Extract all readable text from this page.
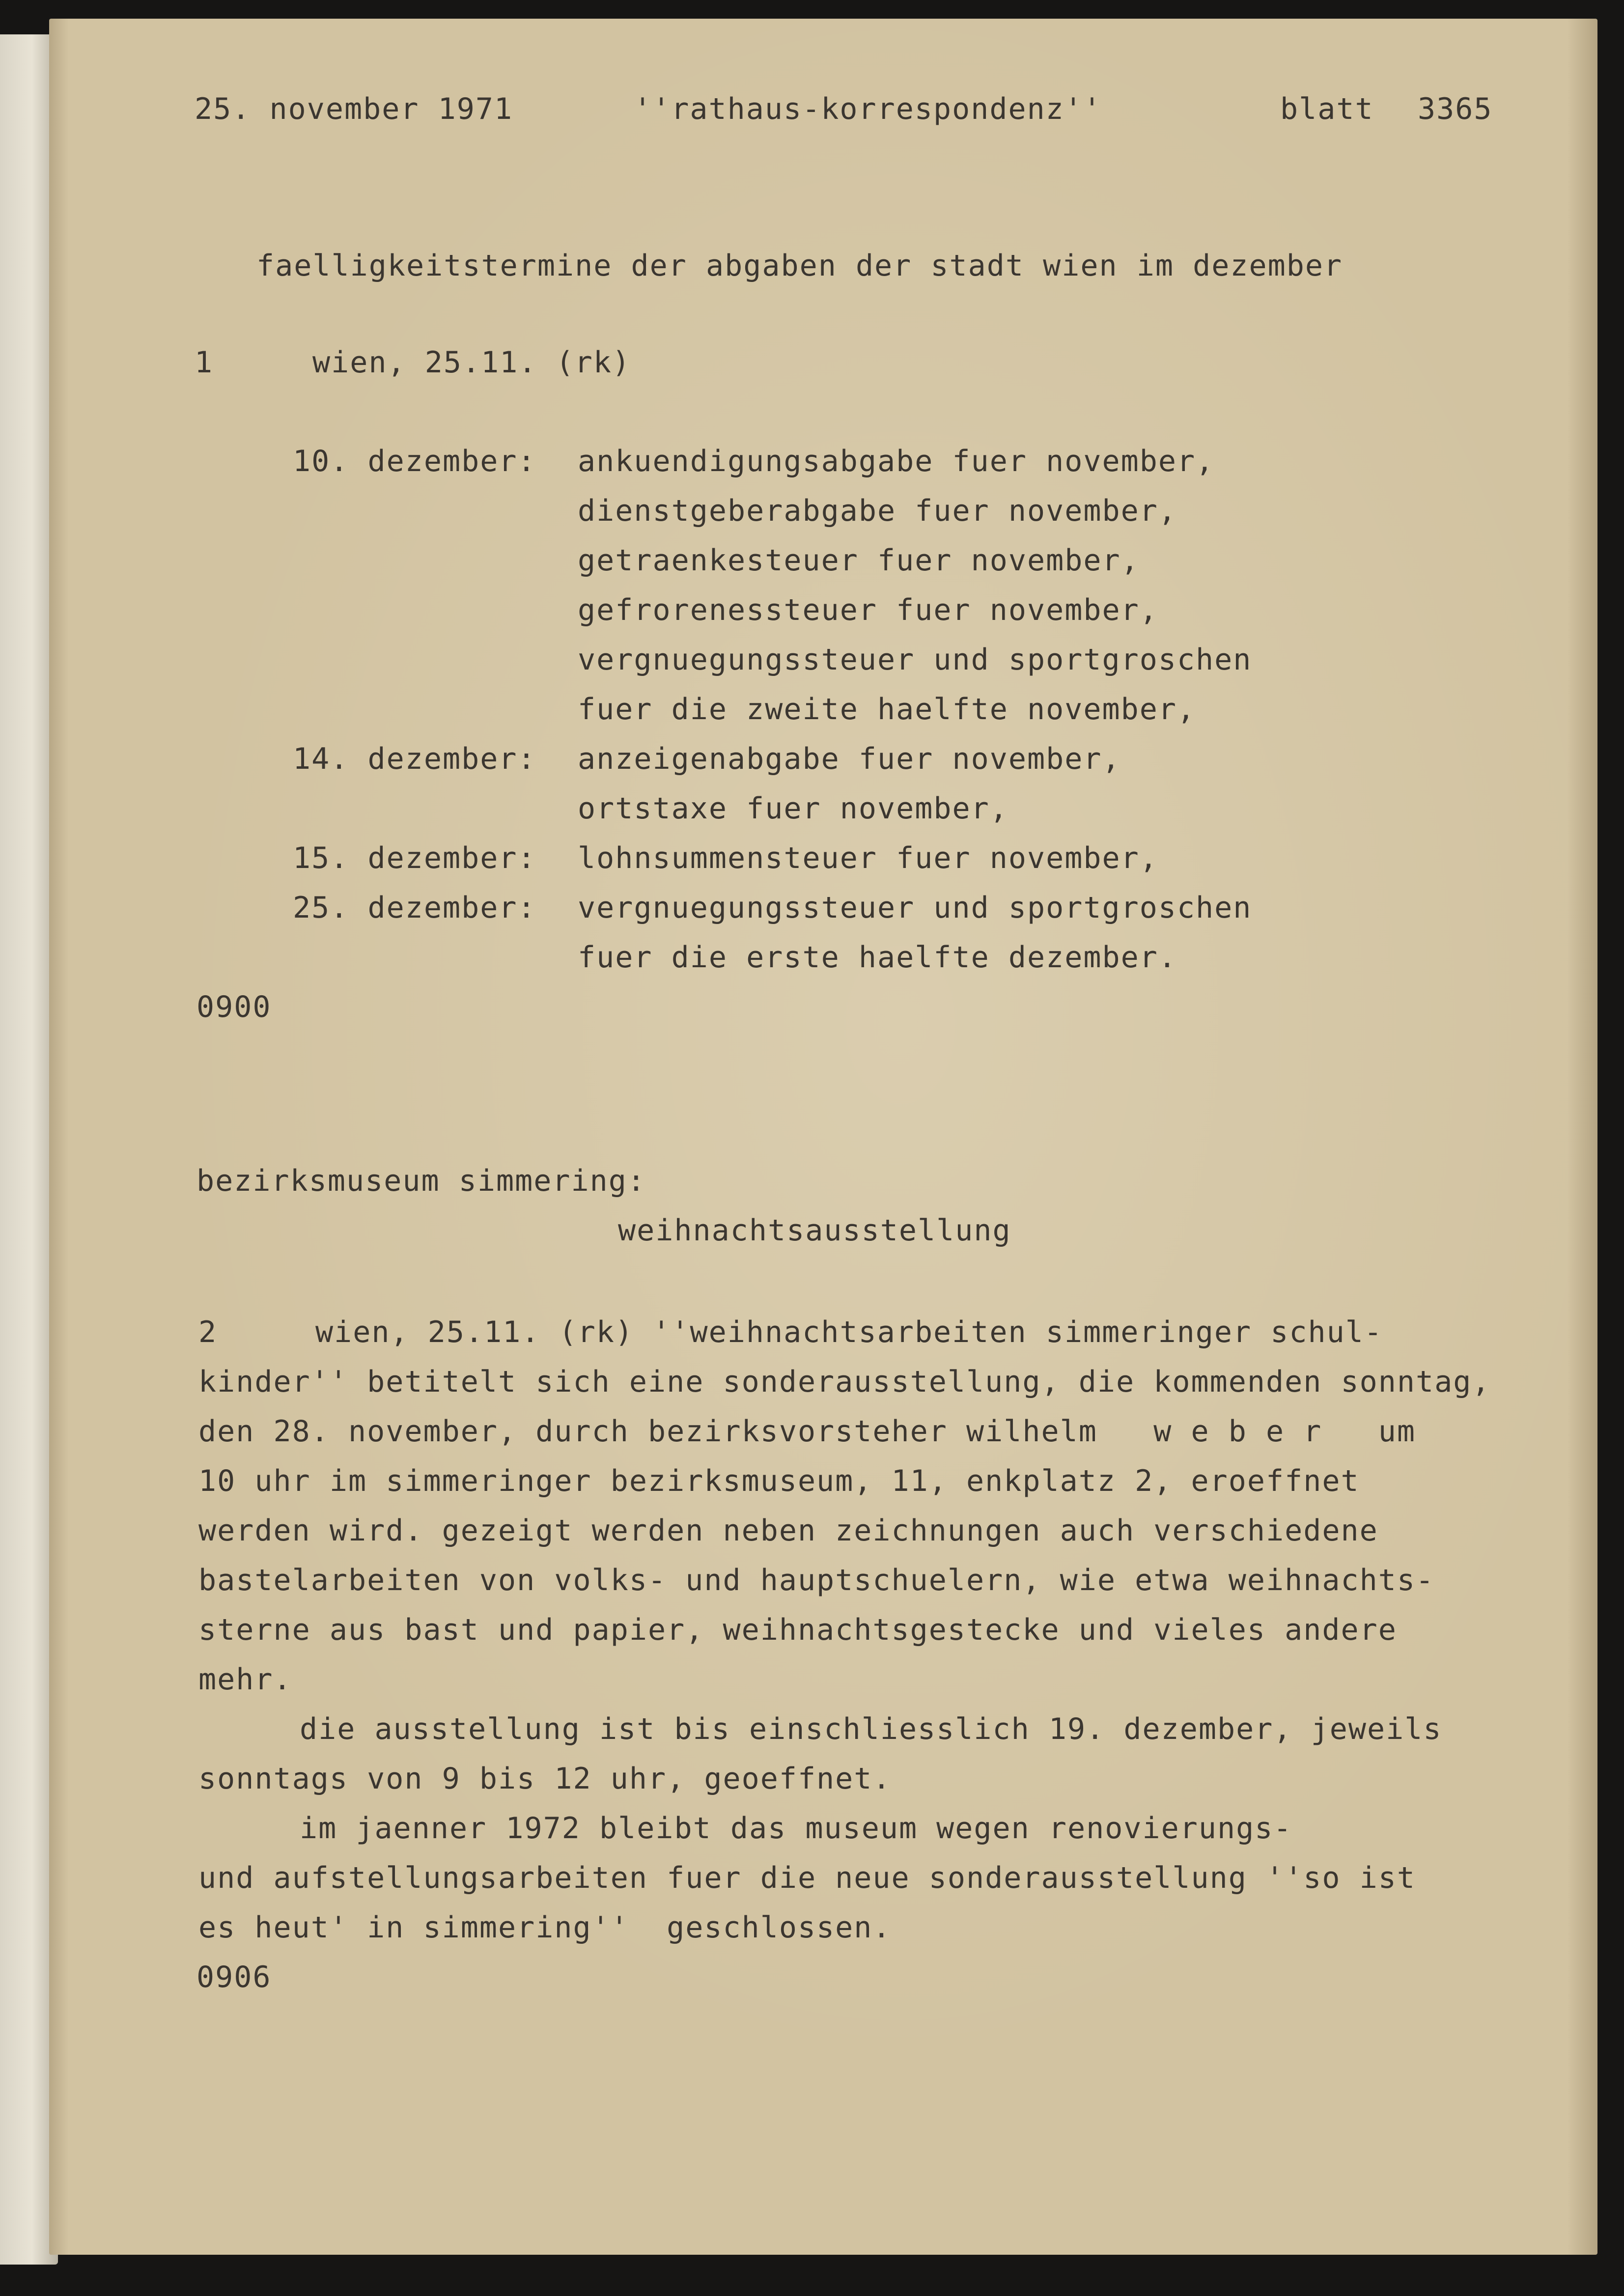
25. november 1971	''rathaus-korrespondenz''	blatt 3365
faelligkeitstermine der abgaben der stadt wien im dezember
1	wien, 25.11. (rk)
10. dezember: ankuendigungsabgabe fuer november,
dienstgeberabgabe fuer november,
getraenkesteuer fuer november,
gefrorenessteuer fuer november,
vergnuegungssteuer und sportgroschen
fuer die zweite haelfte november,
14. dezember: anzeigenabgabe fuer november,
ortstaxe fuer november,
15. dezember: lohnsummensteuer fuer november,
25. dezember: vergnuegungssteuer und sportgroschen
fuer die erste haelfte dezember.
0900
bezirksmuseum simmering:
weihnachtsausstellung
2	wien, 25.11. (rk) ''weihnachtsarbeiten simmeringer schul-
kinder'' betitelt sich eine sonderausstellung, die kommenden sonntag,
den 28. november, durch bezirksvorsteher wilhelm   w e b e r   um
10 uhr im simmeringer bezirksmuseum, 11, enkplatz 2, eroeffnet
werden wird. gezeigt werden neben zeichnungen auch verschiedene
bastelarbeiten von volks- und hauptschuelern, wie etwa weihnachts-
sterne aus bast und papier, weihnachtsgestecke und vieles andere
mehr.
die ausstellung ist bis einschliesslich 19. dezember, jeweils
sonntags von 9 bis 12 uhr, geoeffnet.
im jaenner 1972 bleibt das museum wegen renovierungs-
und aufstellungsarbeiten fuer die neue sonderausstellung ''so ist
es heut' in simmering''  geschlossen.
0906
